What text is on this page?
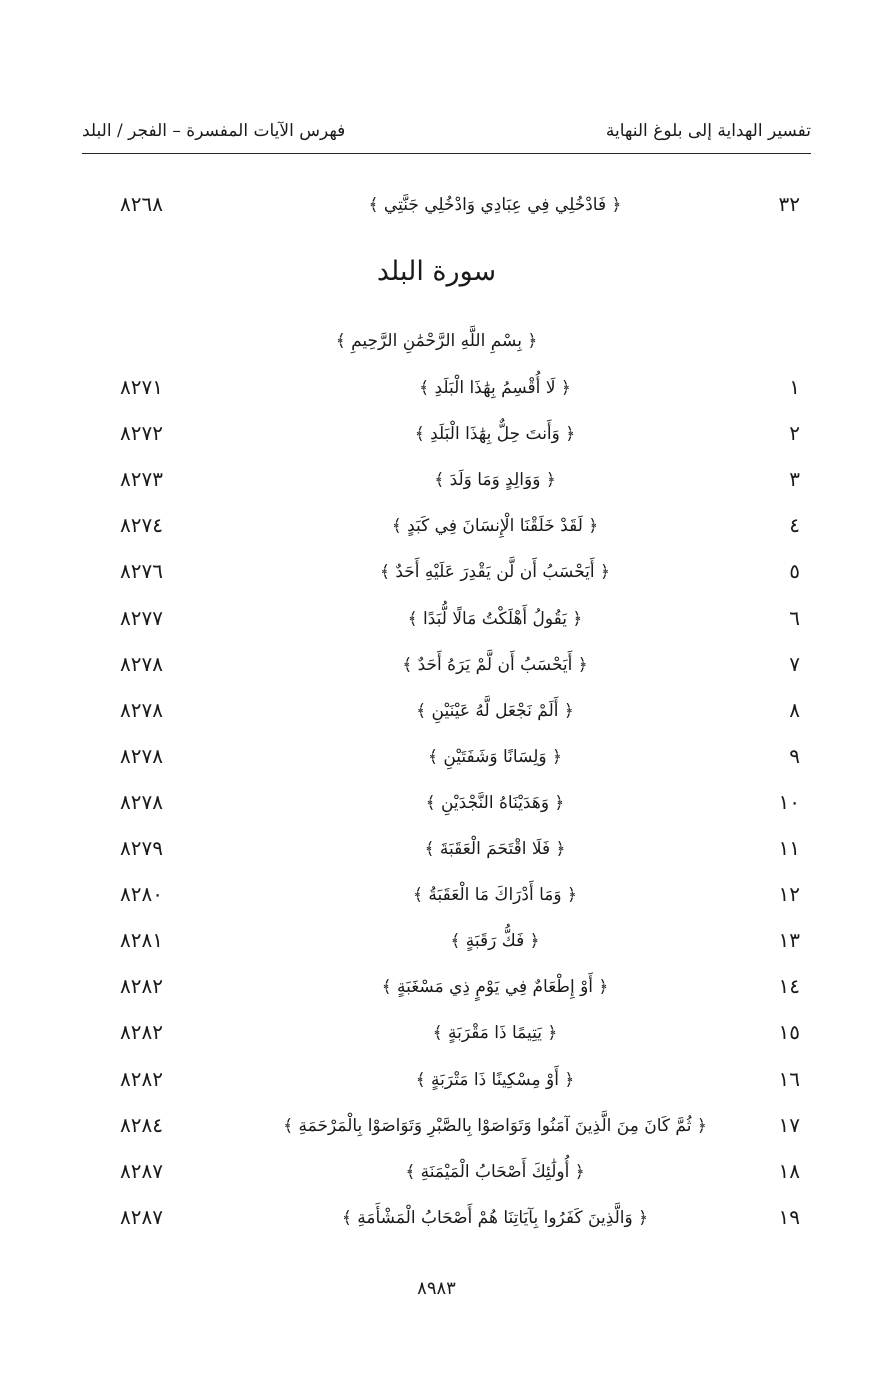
فهرس الآيات المفسرة – الفجر / البلد	تفسير الهداية إلى بلوغ النهاية
٨٢٦٨	﴿ فَادْخُلِي فِي عِبَادِي وَادْخُلِي جَنَّتِي ﴾	٣٢
سورة البلد
﴿ بِسْمِ اللَّهِ الرَّحْمَٰنِ الرَّحِيمِ ﴾
٨٢٧١	﴿ لَا أُقْسِمُ بِهَٰذَا الْبَلَدِ ﴾	١
٨٢٧٢	﴿ وَأَنتَ حِلٌّ بِهَٰذَا الْبَلَدِ ﴾	٢
٨٢٧٣	﴿ وَوَالِدٍ وَمَا وَلَدَ ﴾	٣
٨٢٧٤	﴿ لَقَدْ خَلَقْنَا الْإِنسَانَ فِي كَبَدٍ ﴾	٤
٨٢٧٦	﴿ أَيَحْسَبُ أَن لَّن يَقْدِرَ عَلَيْهِ أَحَدٌ ﴾	٥
٨٢٧٧	﴿ يَقُولُ أَهْلَكْتُ مَالًا لُّبَدًا ﴾	٦
٨٢٧٨	﴿ أَيَحْسَبُ أَن لَّمْ يَرَهُ أَحَدٌ ﴾	٧
٨٢٧٨	﴿ أَلَمْ نَجْعَل لَّهُ عَيْنَيْنِ ﴾	٨
٨٢٧٨	﴿ وَلِسَانًا وَشَفَتَيْنِ ﴾	٩
٨٢٧٨	﴿ وَهَدَيْنَاهُ النَّجْدَيْنِ ﴾	١٠
٨٢٧٩	﴿ فَلَا اقْتَحَمَ الْعَقَبَةَ ﴾	١١
٨٢٨٠	﴿ وَمَا أَدْرَاكَ مَا الْعَقَبَةُ ﴾	١٢
٨٢٨١	﴿ فَكُّ رَقَبَةٍ ﴾	١٣
٨٢٨٢	﴿ أَوْ إِطْعَامٌ فِي يَوْمٍ ذِي مَسْغَبَةٍ ﴾	١٤
٨٢٨٢	﴿ يَتِيمًا ذَا مَقْرَبَةٍ ﴾	١٥
٨٢٨٢	﴿ أَوْ مِسْكِينًا ذَا مَتْرَبَةٍ ﴾	١٦
٨٢٨٤	﴿ ثُمَّ كَانَ مِنَ الَّذِينَ آمَنُوا وَتَوَاصَوْا بِالصَّبْرِ وَتَوَاصَوْا بِالْمَرْحَمَةِ ﴾	١٧
٨٢٨٧	﴿ أُولَٰئِكَ أَصْحَابُ الْمَيْمَنَةِ ﴾	١٨
٨٢٨٧	﴿ وَالَّذِينَ كَفَرُوا بِآيَاتِنَا هُمْ أَصْحَابُ الْمَشْأَمَةِ ﴾	١٩
٨٩٨٣
